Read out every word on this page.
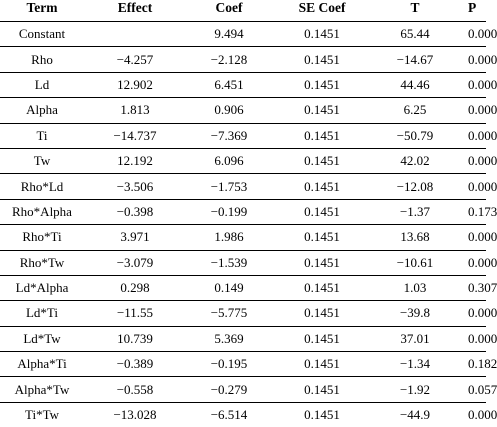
Term	Effect	Coef	SE Coef	T	P
Constant		9.494	0.1451	65.44	0.000
Rho	−4.257	−2.128	0.1451	−14.67	0.000
Ld	12.902	6.451	0.1451	44.46	0.000
Alpha	1.813	0.906	0.1451	6.25	0.000
Ti	−14.737	−7.369	0.1451	−50.79	0.000
Tw	12.192	6.096	0.1451	42.02	0.000
Rho*Ld	−3.506	−1.753	0.1451	−12.08	0.000
Rho*Alpha	−0.398	−0.199	0.1451	−1.37	0.173
Rho*Ti	3.971	1.986	0.1451	13.68	0.000
Rho*Tw	−3.079	−1.539	0.1451	−10.61	0.000
Ld*Alpha	0.298	0.149	0.1451	1.03	0.307
Ld*Ti	−11.55	−5.775	0.1451	−39.8	0.000
Ld*Tw	10.739	5.369	0.1451	37.01	0.000
Alpha*Ti	−0.389	−0.195	0.1451	−1.34	0.182
Alpha*Tw	−0.558	−0.279	0.1451	−1.92	0.057
Ti*Tw	−13.028	−6.514	0.1451	−44.9	0.000
